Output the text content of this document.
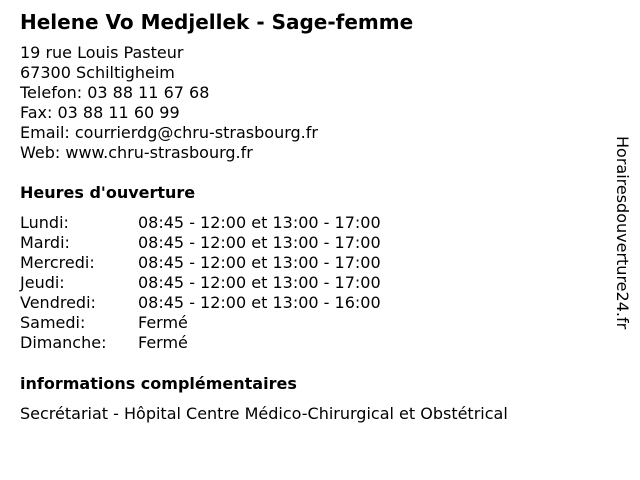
Helene Vo Medjellek - Sage-femme
19 rue Louis Pasteur
67300 Schiltigheim
Telefon: 03 88 11 67 68
Fax: 03 88 11 60 99
Email: courrierdg@chru-strasbourg.fr
Web: www.chru-strasbourg.fr
Heures d'ouverture
Lundi:	08:45 - 12:00 et 13:00 - 17:00
Mardi:	08:45 - 12:00 et 13:00 - 17:00
Mercredi:	08:45 - 12:00 et 13:00 - 17:00
Jeudi:	08:45 - 12:00 et 13:00 - 17:00
Vendredi:	08:45 - 12:00 et 13:00 - 16:00
Samedi:	Fermé
Dimanche: Fermé
informations complémentaires
Secrétariat - Hôpital Centre Médico-Chirurgical et Obstétrical
Horairesdouverture24.fr
